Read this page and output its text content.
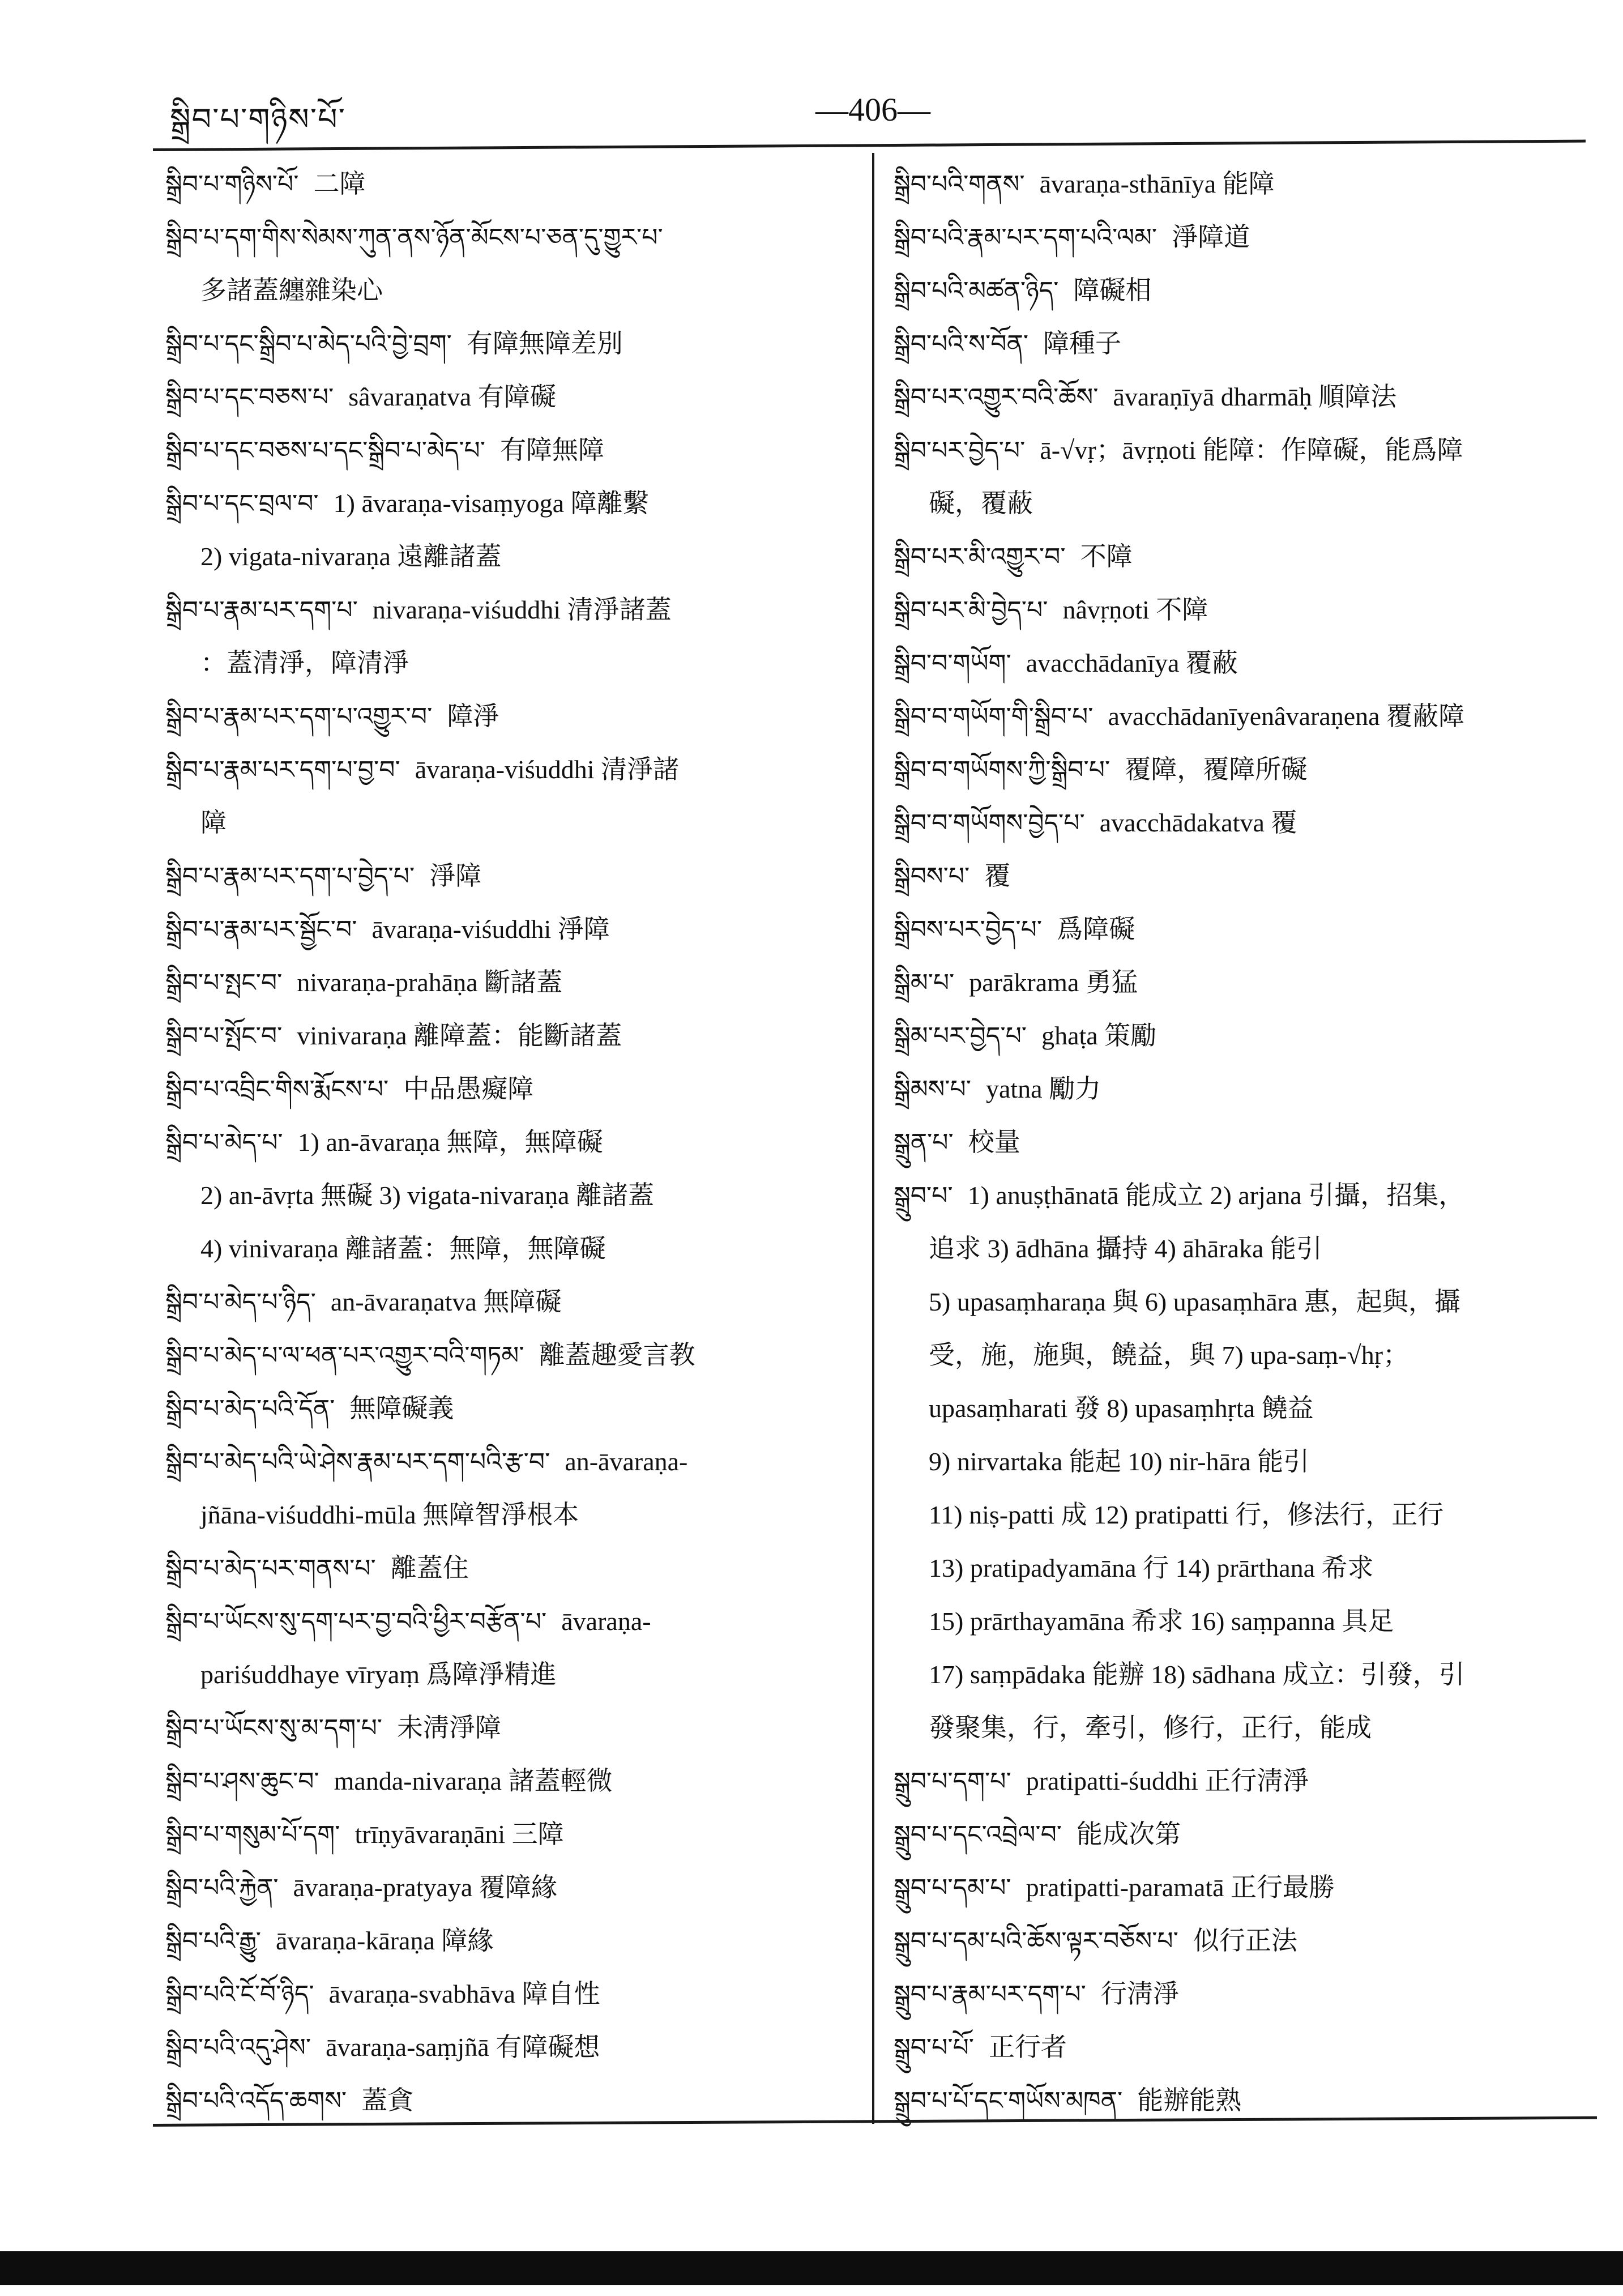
སྒྲིབ་པ་གཉིས་པོ་	—406—
སྒྲིབ་པ་གཉིས་པོ་ 二障
སྒྲིབ་པ་དག་གིས་སེམས་ཀུན་ནས་ཉོན་མོངས་པ་ཅན་དུ་གྱུར་པ་
多諸蓋纏雜染心
སྒྲིབ་པ་དང་སྒྲིབ་པ་མེད་པའི་བྱེ་བྲག་ 有障無障差別
སྒྲིབ་པ་དང་བཅས་པ་ sâvaraṇatva 有障礙
སྒྲིབ་པ་དང་བཅས་པ་དང་སྒྲིབ་པ་མེད་པ་ 有障無障
སྒྲིབ་པ་དང་བྲལ་བ་ 1) āvaraṇa-visaṃyoga 障離繫
2) vigata-nivaraṇa 遠離諸蓋
སྒྲིབ་པ་རྣམ་པར་དག་པ་ nivaraṇa-viśuddhi 清淨諸蓋
：蓋清淨，障清淨
སྒྲིབ་པ་རྣམ་པར་དག་པ་འགྱུར་བ་ 障淨
སྒྲིབ་པ་རྣམ་པར་དག་པ་བྱ་བ་ āvaraṇa-viśuddhi 清淨諸
障
སྒྲིབ་པ་རྣམ་པར་དག་པ་བྱེད་པ་ 淨障
སྒྲིབ་པ་རྣམ་པར་སྦྱོང་བ་ āvaraṇa-viśuddhi 淨障
སྒྲིབ་པ་སྤང་བ་ nivaraṇa-prahāṇa 斷諸蓋
སྒྲིབ་པ་སྤོང་བ་ vinivaraṇa 離障蓋：能斷諸蓋
སྒྲིབ་པ་འབྲིང་གིས་རྨོངས་པ་ 中品愚癡障
སྒྲིབ་པ་མེད་པ་ 1) an-āvaraṇa 無障，無障礙
2) an-āvṛta 無礙 3) vigata-nivaraṇa 離諸蓋
4) vinivaraṇa 離諸蓋：無障，無障礙
སྒྲིབ་པ་མེད་པ་ཉིད་ an-āvaraṇatva 無障礙
སྒྲིབ་པ་མེད་པ་ལ་ཕན་པར་འགྱུར་བའི་གཏམ་ 離蓋趣愛言教
སྒྲིབ་པ་མེད་པའི་དོན་ 無障礙義
སྒྲིབ་པ་མེད་པའི་ཡེ་ཤེས་རྣམ་པར་དག་པའི་རྩ་བ་ an-āvaraṇa-
jñāna-viśuddhi-mūla 無障智淨根本
སྒྲིབ་པ་མེད་པར་གནས་པ་ 離蓋住
སྒྲིབ་པ་ཡོངས་སུ་དག་པར་བྱ་བའི་ཕྱིར་བརྩོན་པ་ āvaraṇa-
pariśuddhaye vīryaṃ 爲障淨精進
སྒྲིབ་པ་ཡོངས་སུ་མ་དག་པ་ 未淸淨障
སྒྲིབ་པ་ཤས་ཆུང་བ་ manda-nivaraṇa 諸蓋輕微
སྒྲིབ་པ་གསུམ་པོ་དག་ trīṇyāvaraṇāni 三障
སྒྲིབ་པའི་རྐྱེན་ āvaraṇa-pratyaya 覆障緣
སྒྲིབ་པའི་རྒྱུ་ āvaraṇa-kāraṇa 障緣
སྒྲིབ་པའི་ངོ་བོ་ཉིད་ āvaraṇa-svabhāva 障自性
སྒྲིབ་པའི་འདུ་ཤེས་ āvaraṇa-saṃjñā 有障礙想
སྒྲིབ་པའི་འདོད་ཆགས་ 蓋貪
སྒྲིབ་པའི་གནས་ āvaraṇa-sthānīya 能障
སྒྲིབ་པའི་རྣམ་པར་དག་པའི་ལམ་ 淨障道
སྒྲིབ་པའི་མཚན་ཉིད་ 障礙相
སྒྲིབ་པའི་ས་བོན་ 障種子
སྒྲིབ་པར་འགྱུར་བའི་ཆོས་ āvaraṇīyā dharmāḥ 順障法
སྒྲིབ་པར་བྱེད་པ་ ā-√vṛ；āvṛṇoti 能障：作障礙，能爲障
礙，覆蔽
སྒྲིབ་པར་མི་འགྱུར་བ་ 不障
སྒྲིབ་པར་མི་བྱེད་པ་ nâvṛṇoti 不障
སྒྲིབ་བ་གཡོག་ avacchādanīya 覆蔽
སྒྲིབ་བ་གཡོག་གི་སྒྲིབ་པ་ avacchādanīyenâvaraṇena 覆蔽障
སྒྲིབ་བ་གཡོགས་ཀྱི་སྒྲིབ་པ་ 覆障，覆障所礙
སྒྲིབ་བ་གཡོགས་བྱེད་པ་ avacchādakatva 覆
སྒྲིབས་པ་ 覆
སྒྲིབས་པར་བྱེད་པ་ 爲障礙
སྒྲིམ་པ་ parākrama 勇猛
སྒྲིམ་པར་བྱེད་པ་ ghaṭa 策勵
སྒྲིམས་པ་ yatna 勵力
སྒྲུན་པ་ 校量
སྒྲུབ་པ་ 1) anuṣṭhānatā 能成立 2) arjana 引攝，招集，
追求 3) ādhāna 攝持 4) āhāraka 能引
5) upasaṃharaṇa 與 6) upasaṃhāra 惠，起與，攝
受，施，施與，饒益，與 7) upa-saṃ-√hṛ；
upasaṃharati 發 8) upasaṃhṛta 饒益
9) nirvartaka 能起 10) nir-hāra 能引
11) niṣ-patti 成 12) pratipatti 行，修法行，正行
13) pratipadyamāna 行 14) prārthana 希求
15) prārthayamāna 希求 16) saṃpanna 具足
17) saṃpādaka 能辦 18) sādhana 成立：引發，引
發聚集，行，牽引，修行，正行，能成
སྒྲུབ་པ་དག་པ་ pratipatti-śuddhi 正行淸淨
སྒྲུབ་པ་དང་འབྲེལ་བ་ 能成次第
སྒྲུབ་པ་དམ་པ་ pratipatti-paramatā 正行最勝
སྒྲུབ་པ་དམ་པའི་ཆོས་ལྟར་བཅོས་པ་ 似行正法
སྒྲུབ་པ་རྣམ་པར་དག་པ་ 行淸淨
སྒྲུབ་པ་པོ་ 正行者
སྒྲུབ་པ་པོ་དང་གཡོས་མཁན་ 能辦能熟
